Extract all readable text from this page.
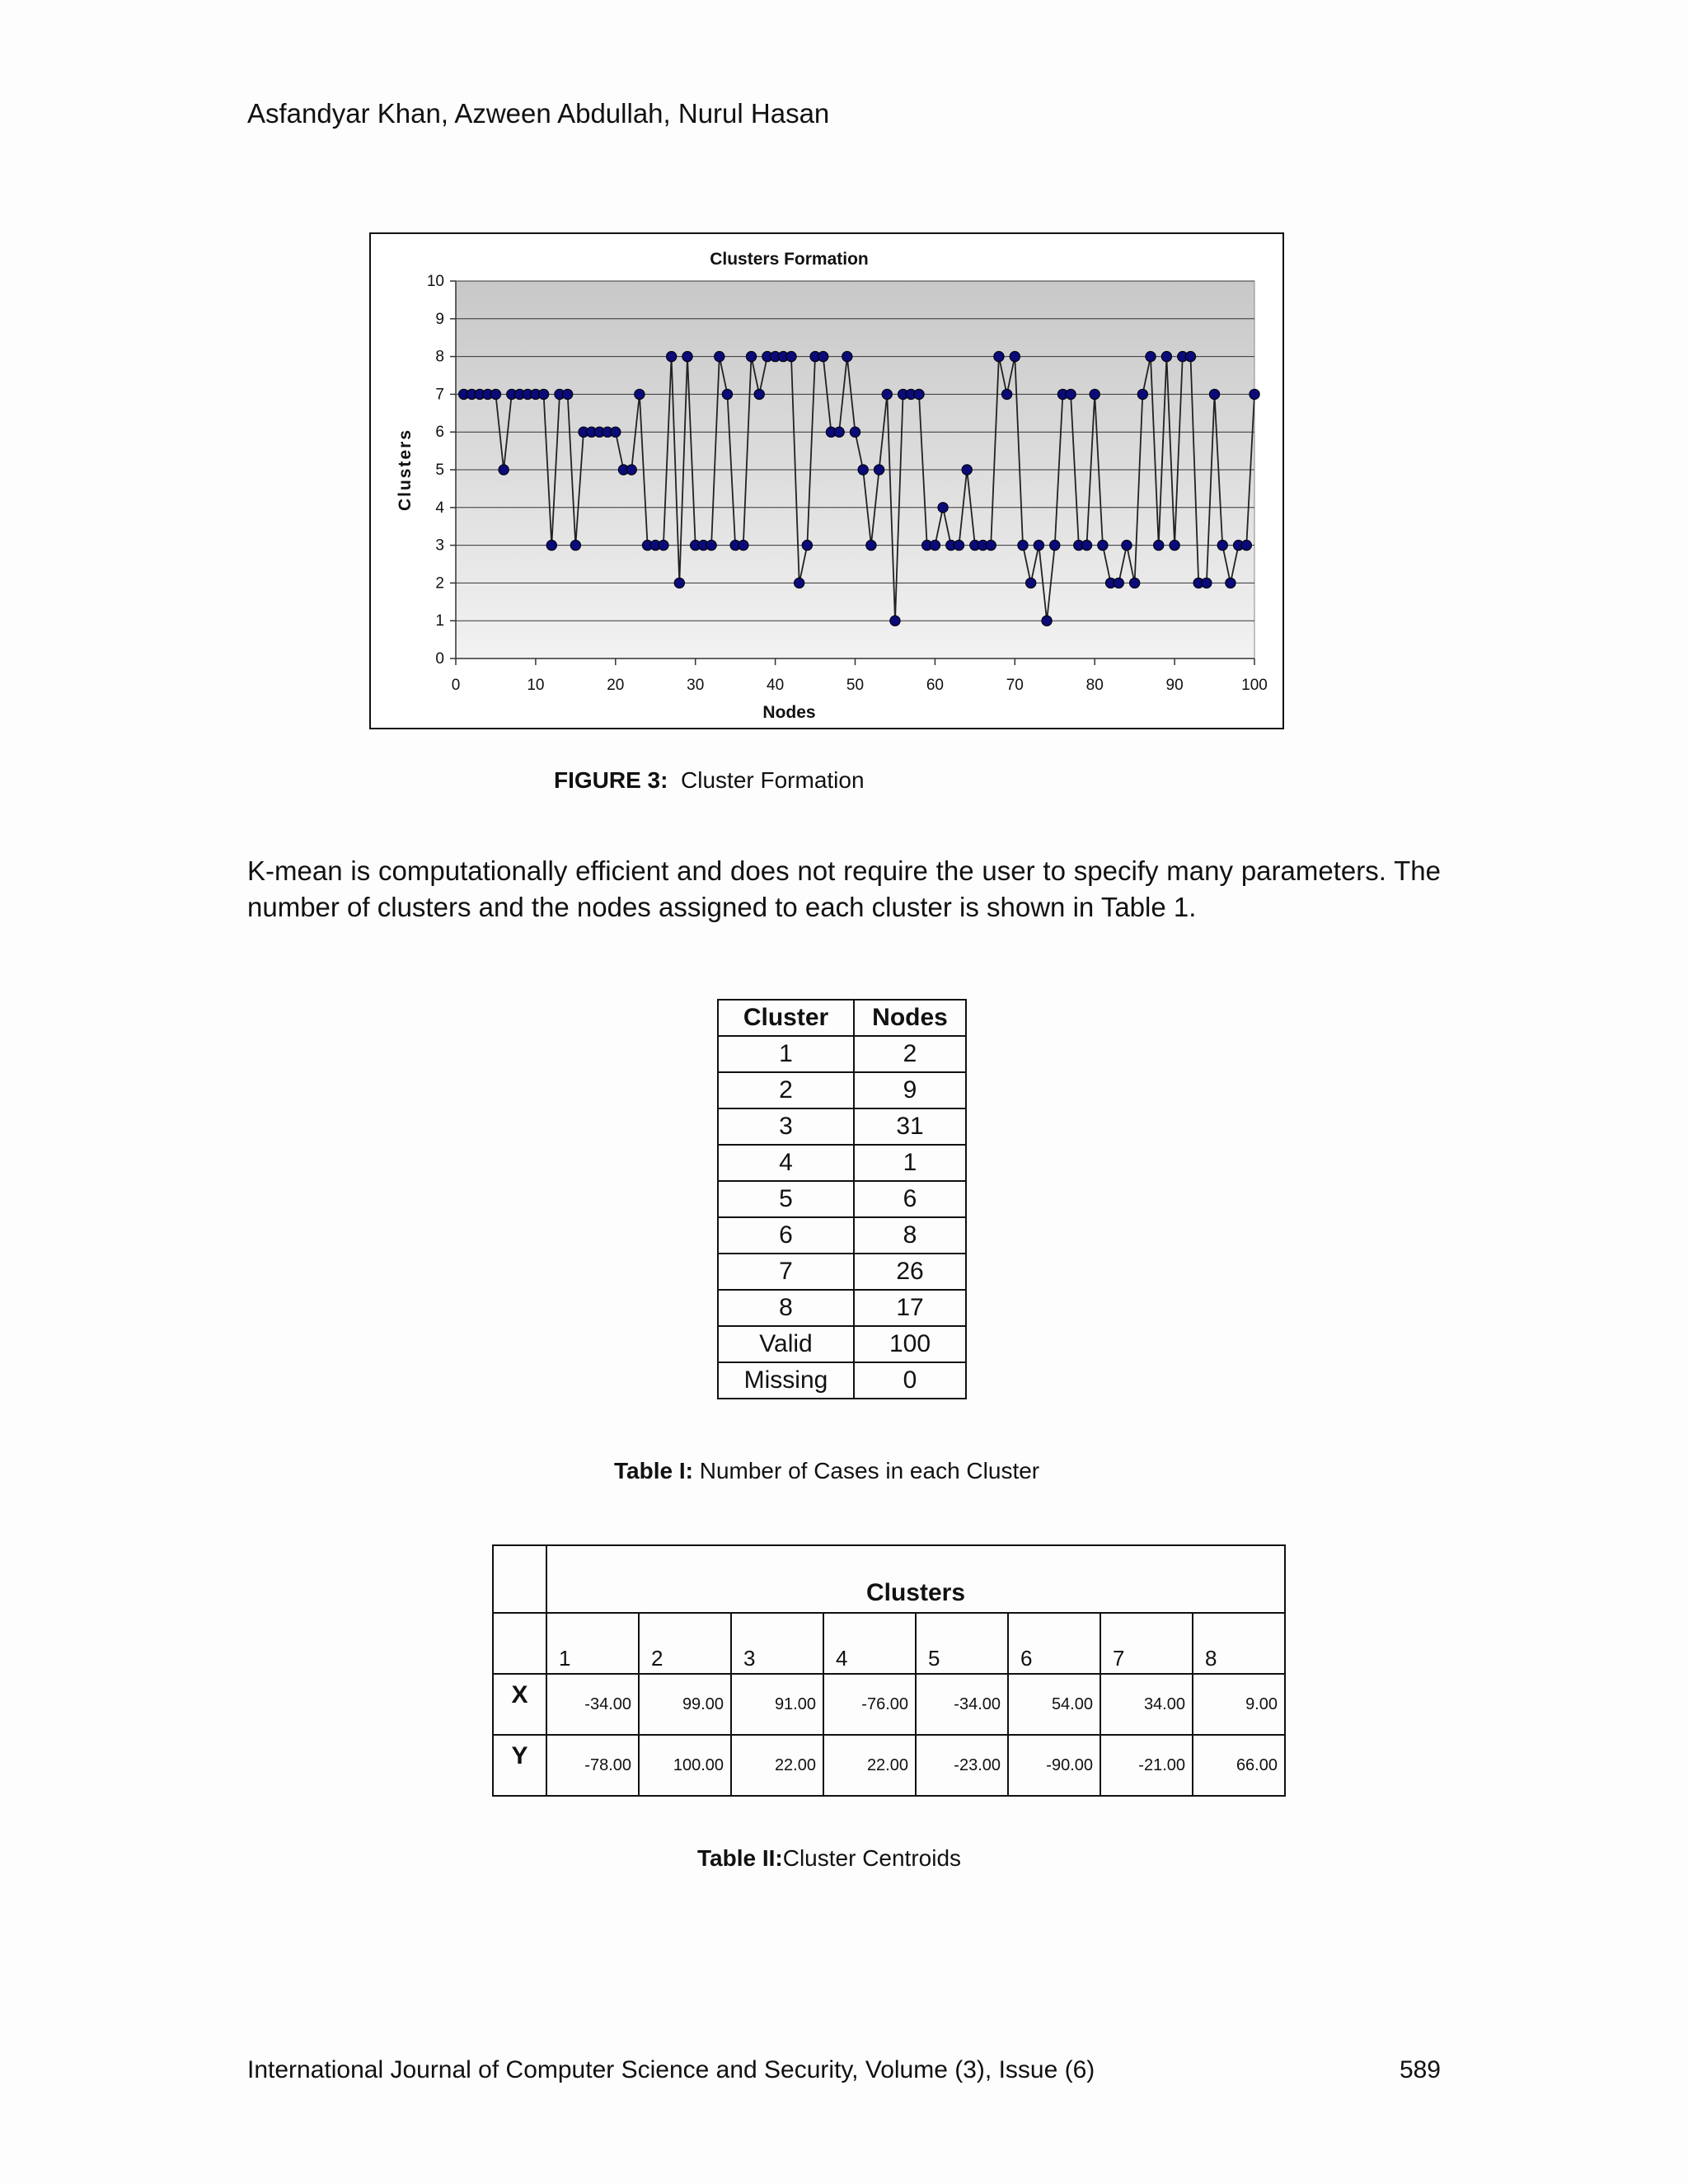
Asfandyar Khan, Azween Abdullah, Nurul Hasan
0
1
2
3
4
5
6
7
8
9
10
0	10	20	30	40	50	60	70	80	90	100
Clusters Formation
Nodes
Clusters
FIGURE 3: Cluster Formation
K-mean is computationally efficient and does not require the user to specify many parameters. The number of clusters and the nodes assigned to each cluster is shown in Table 1.
Cluster	Nodes
1	2
2	9
3	31
4	1
5	6
6	8
7	26
8	17
Valid	100
Missing	0
Table I: Number of Cases in each Cluster
	Clusters							
	1	2	3	4	5	6	7	8
X	-34.00	99.00	91.00	-76.00	-34.00	54.00	34.00	9.00
Y	-78.00	100.00	22.00	22.00	-23.00	-90.00	-21.00	66.00
Table II:Cluster Centroids
International Journal of Computer Science and Security, Volume (3), Issue (6)	589
